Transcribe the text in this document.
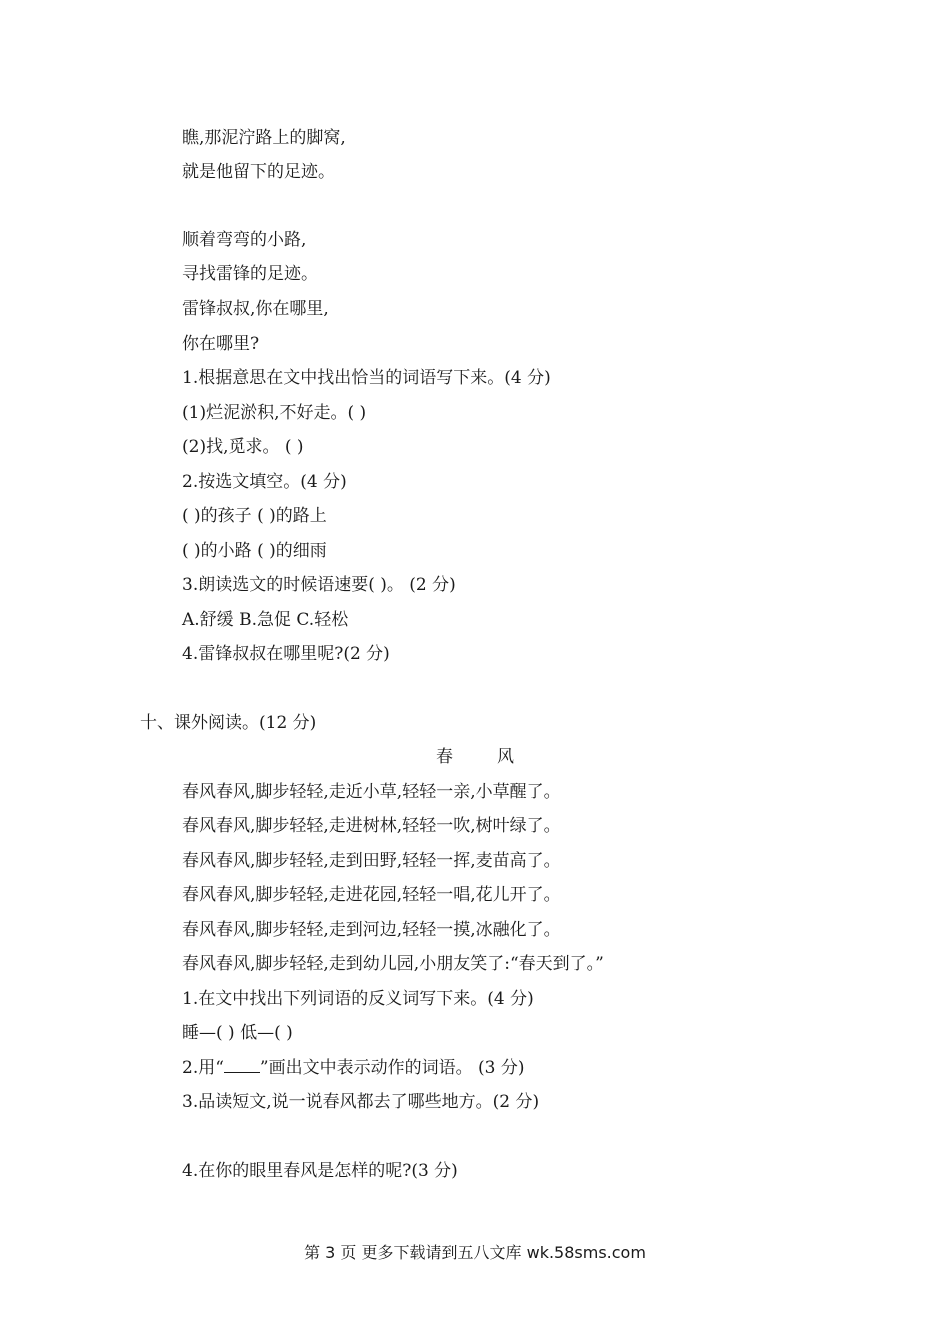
瞧,那泥泞路上的脚窝,
就是他留下的足迹。
顺着弯弯的小路,
寻找雷锋的足迹。
雷锋叔叔,你在哪里,
你在哪里?
1.根据意思在文中找出恰当的词语写下来。(4 分)
(1)烂泥淤积,不好走。( )
(2)找,觅求。 ( )
2.按选文填空。(4 分)
( )的孩子 ( )的路上
( )的小路 ( )的细雨
3.朗读选文的时候语速要( )。 (2 分)
A.舒缓 B.急促 C.轻松
4.雷锋叔叔在哪里呢?(2 分)
十、课外阅读。(12 分)
春	风
春风春风,脚步轻轻,走近小草,轻轻一亲,小草醒了。
春风春风,脚步轻轻,走进树林,轻轻一吹,树叶绿了。
春风春风,脚步轻轻,走到田野,轻轻一挥,麦苗高了。
春风春风,脚步轻轻,走进花园,轻轻一唱,花儿开了。
春风春风,脚步轻轻,走到河边,轻轻一摸,冰融化了。
春风春风,脚步轻轻,走到幼儿园,小朋友笑了:“春天到了。”
1.在文中找出下列词语的反义词写下来。(4 分)
睡—( ) 低—( )
2.用“ ”画出文中表示动作的词语。 (3 分)
3.品读短文,说一说春风都去了哪些地方。(2 分)
4.在你的眼里春风是怎样的呢?(3 分)
第 3 页 更多下载请到五八文库 wk.58sms.com
